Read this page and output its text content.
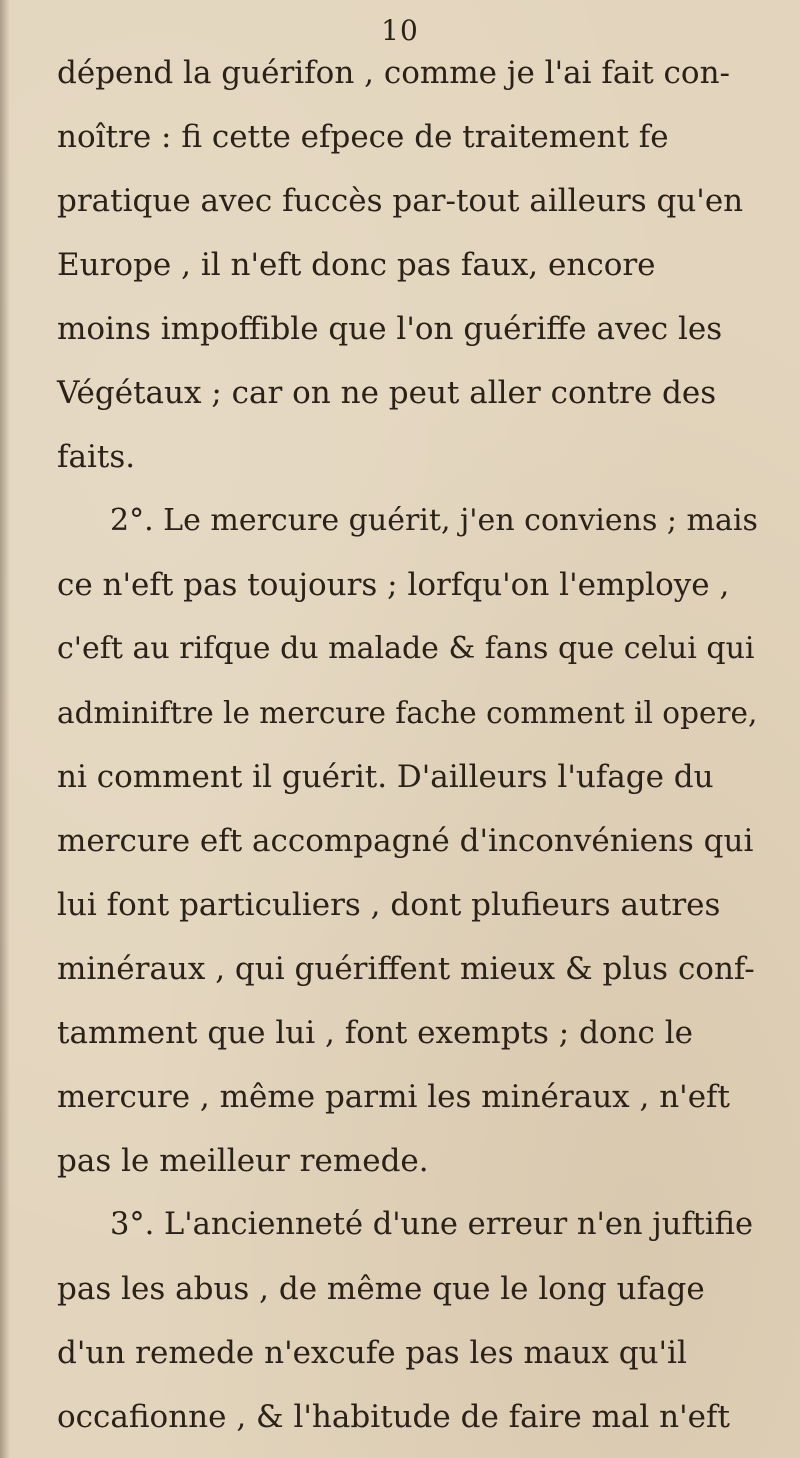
10
dépend la guérifon , comme je l'ai fait con-
noître : fi cette efpece de traitement fe
pratique avec fuccès par-tout ailleurs qu'en
Europe , il n'eft donc pas faux, encore
moins impoffible que l'on guériffe avec les
Végétaux ; car on ne peut aller contre des
faits.
2°. Le mercure guérit, j'en conviens ; mais
ce n'eft pas toujours ; lorfqu'on l'employe ,
c'eft au rifque du malade & fans que celui qui
adminiftre le mercure fache comment il opere,
ni comment il guérit. D'ailleurs l'ufage du
mercure eft accompagné d'inconvéniens qui
lui font particuliers , dont plufieurs autres
minéraux , qui guériffent mieux & plus conf-
tamment que lui , font exempts ; donc le
mercure , même parmi les minéraux , n'eft
pas le meilleur remede.
3°. L'ancienneté d'une erreur n'en juftifie
pas les abus , de même que le long ufage
d'un remede n'excufe pas les maux qu'il
occafionne , & l'habitude de faire mal n'eft
